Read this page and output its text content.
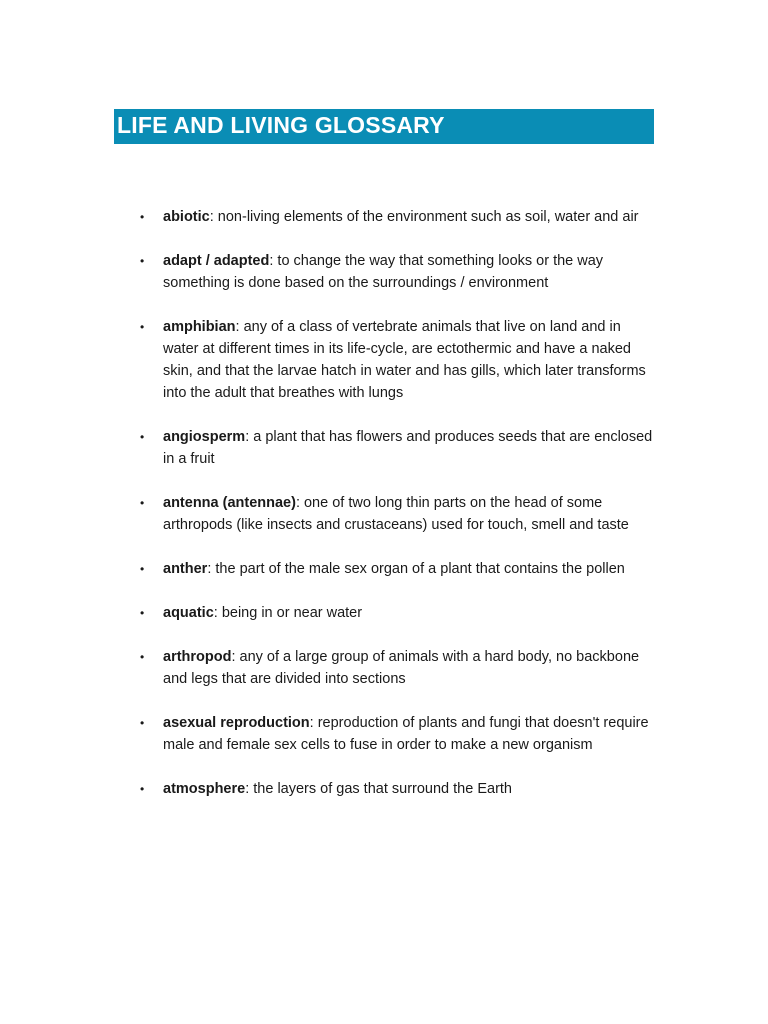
LIFE AND LIVING GLOSSARY
• abiotic: non-living elements of the environment such as soil, water and air
• adapt / adapted: to change the way that something looks or the way something is done based on the surroundings / environment
• amphibian: any of a class of vertebrate animals that live on land and in water at different times in its life-cycle, are ectothermic and have a naked skin, and that the larvae hatch in water and has gills, which later transforms into the adult that breathes with lungs
• angiosperm: a plant that has flowers and produces seeds that are enclosed in a fruit
• antenna (antennae): one of two long thin parts on the head of some arthropods (like insects and crustaceans) used for touch, smell and taste
• anther: the part of the male sex organ of a plant that contains the pollen
• aquatic: being in or near water
• arthropod: any of a large group of animals with a hard body, no backbone and legs that are divided into sections
• asexual reproduction: reproduction of plants and fungi that doesn't require male and female sex cells to fuse in order to make a new organism
• atmosphere: the layers of gas that surround the Earth
